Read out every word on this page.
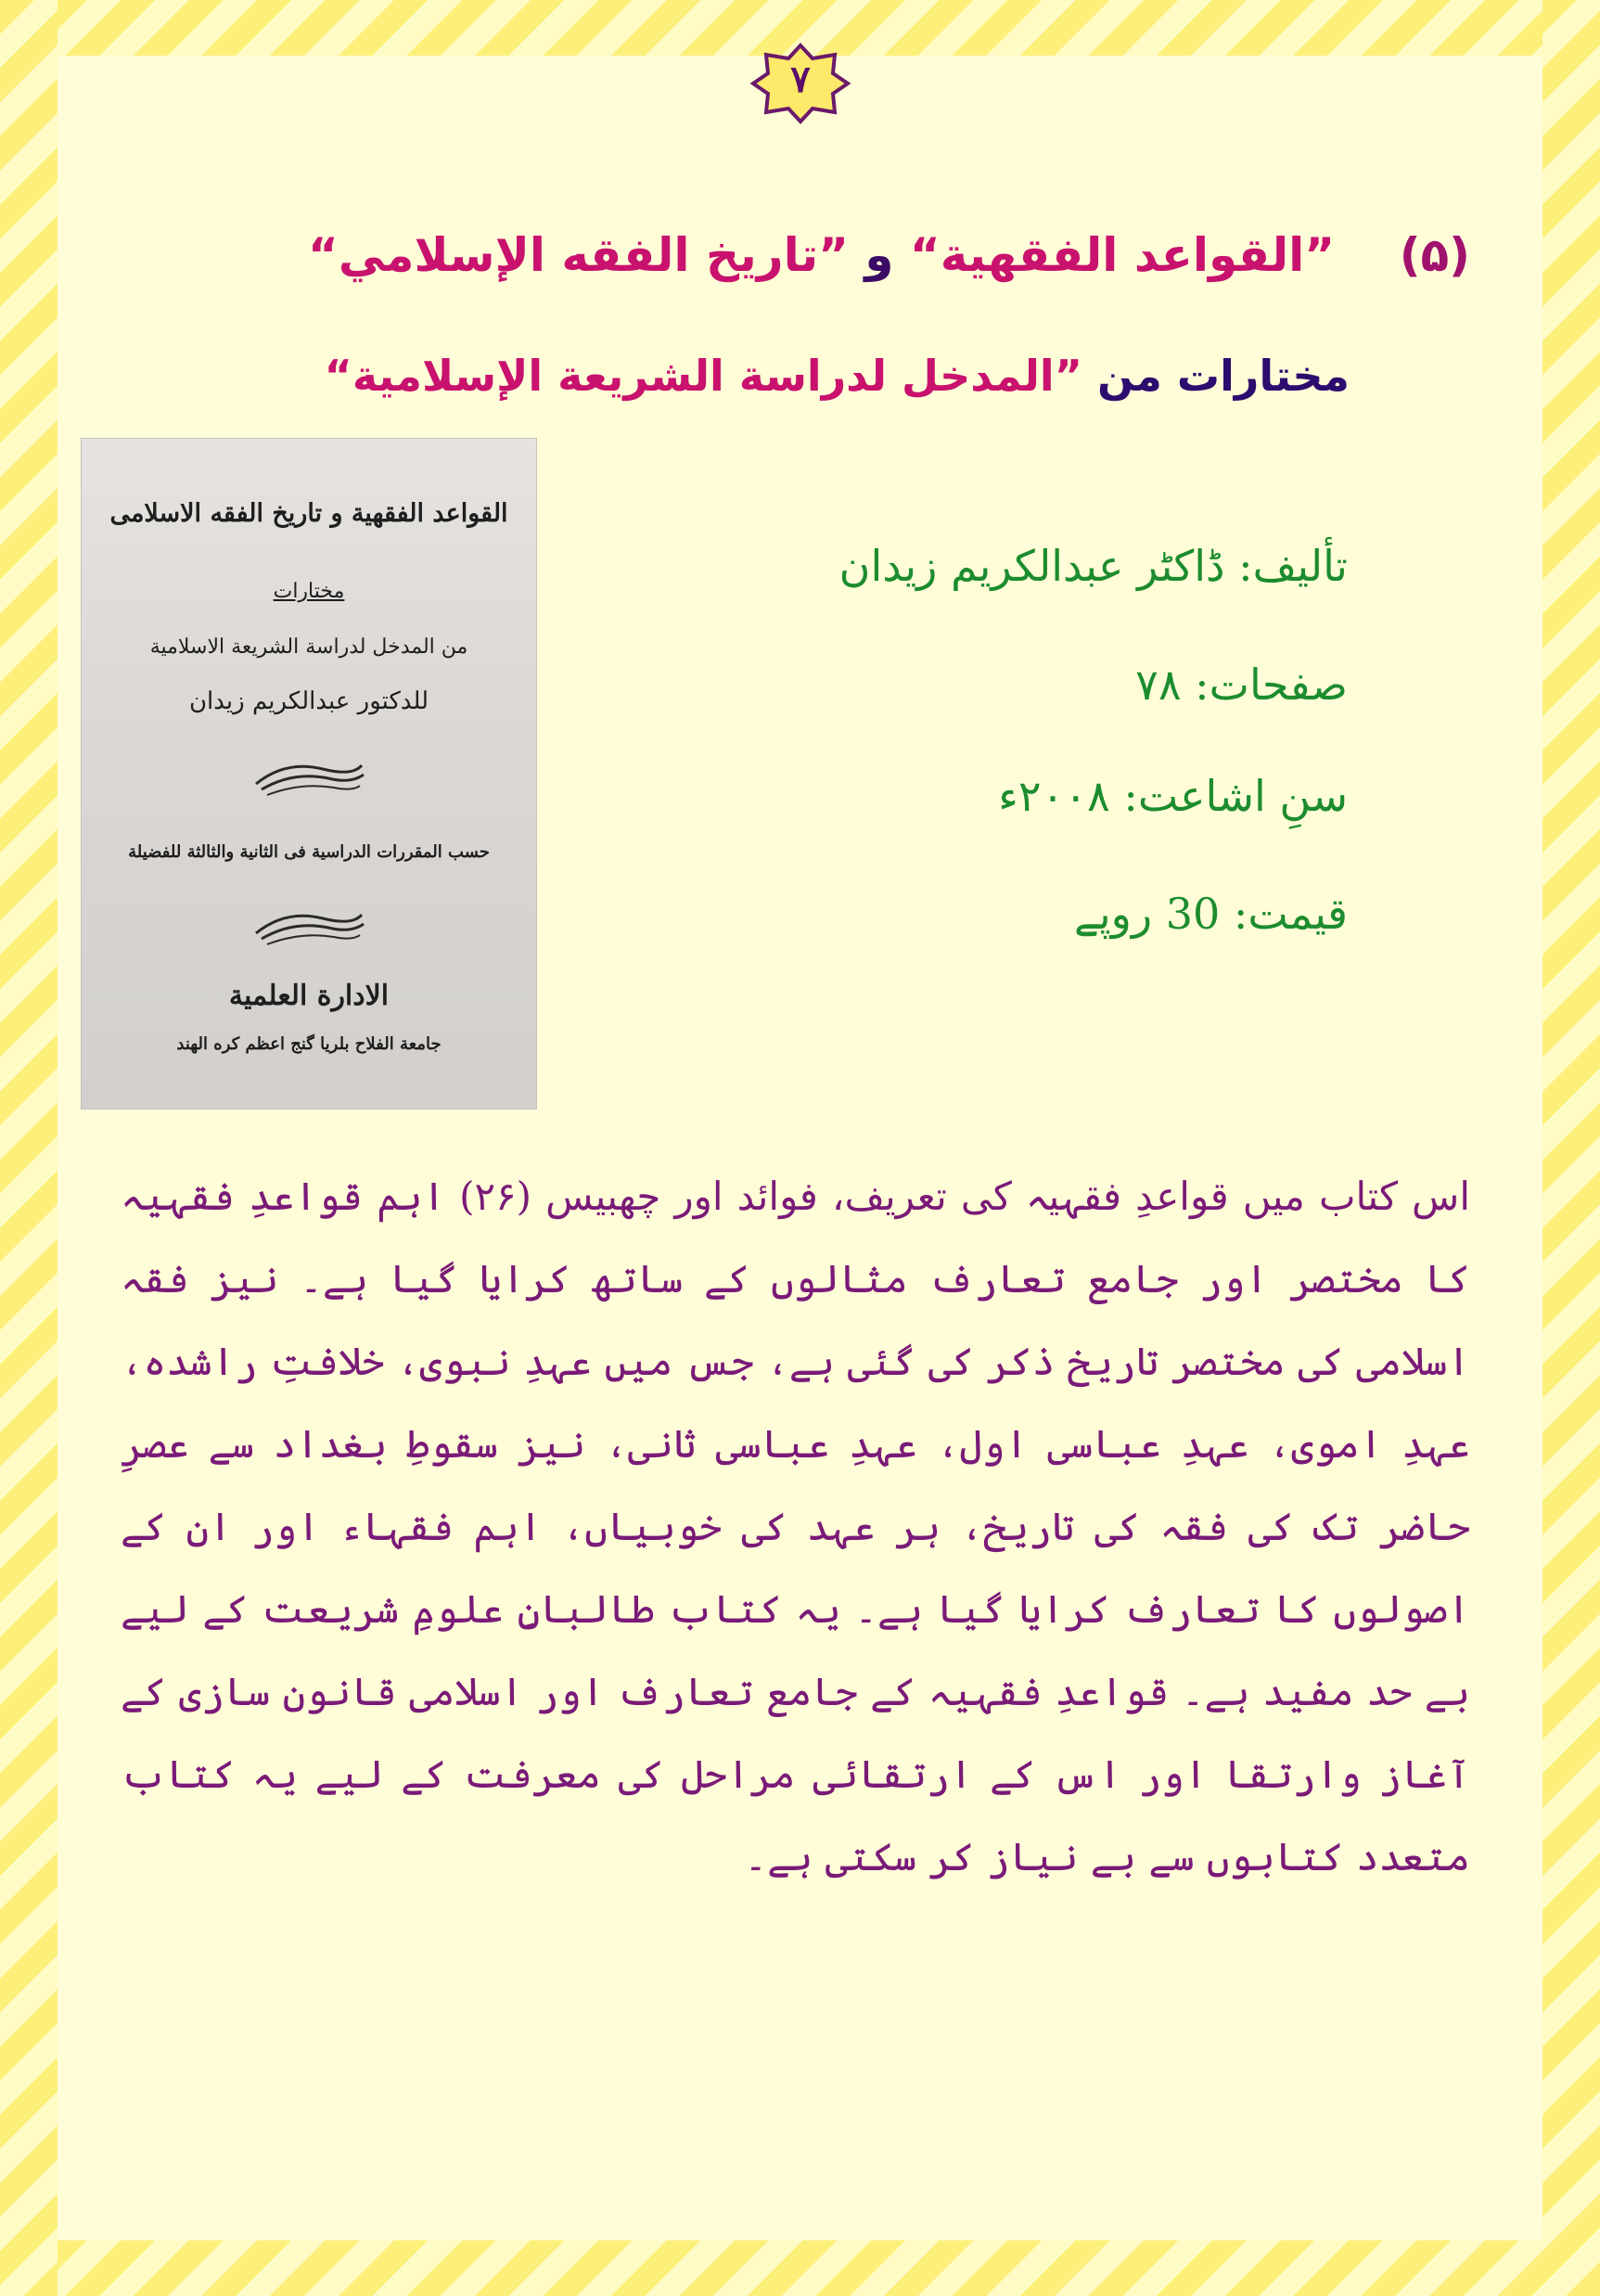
۷
(۵)    ”القواعد الفقهية“ و ”تاريخ الفقه الإسلامي“
مختارات من ”المدخل لدراسة الشريعة الإسلامية“
القواعد الفقهية و تاريخ الفقه الاسلامى
مختارات
من المدخل لدراسة الشريعة الاسلامية
للدكتور عبدالكريم زيدان
حسب المقررات الدراسية فى الثانية والثالثة للفضيلة
الادارة العلمية
جامعة الفلاح بلريا گنج اعظم كره الهند
تألیف: ڈاکٹر عبدالکریم زیدان
صفحات: ۷۸
سنِ اشاعت: ۲۰۰۸ء
قیمت: 30 روپے
اس کتاب میں قواعدِ فقہیہ کی تعریف، فوائد اور چھبیس (۲۶) اہم قواعدِ فقہیہ کا مختصر اور جامع تعارف مثالوں کے ساتھ کرایا گیا ہے۔ نیز فقہ اسلامی کی مختصر تاریخ ذکر کی گئی ہے، جس میں عہدِ نبوی، خلافتِ راشدہ، عہدِ اموی، عہدِ عباسی اول، عہدِ عباسی ثانی، نیز سقوطِ بغداد سے عصرِ حاضر تک کی فقہ کی تاریخ، ہر عہد کی خوبیاں، اہم فقہاء اور ان کے اصولوں کا تعارف کرایا گیا ہے۔ یہ کتاب طالبانِ علومِ شریعت کے لیے بے حد مفید ہے۔ قواعدِ فقہیہ کے جامع تعارف اور اسلامی قانون سازی کے آغاز وارتقا اور اس کے ارتقائی مراحل کی معرفت کے لیے یہ کتاب متعدد کتابوں سے بے نیاز کر سکتی ہے۔
